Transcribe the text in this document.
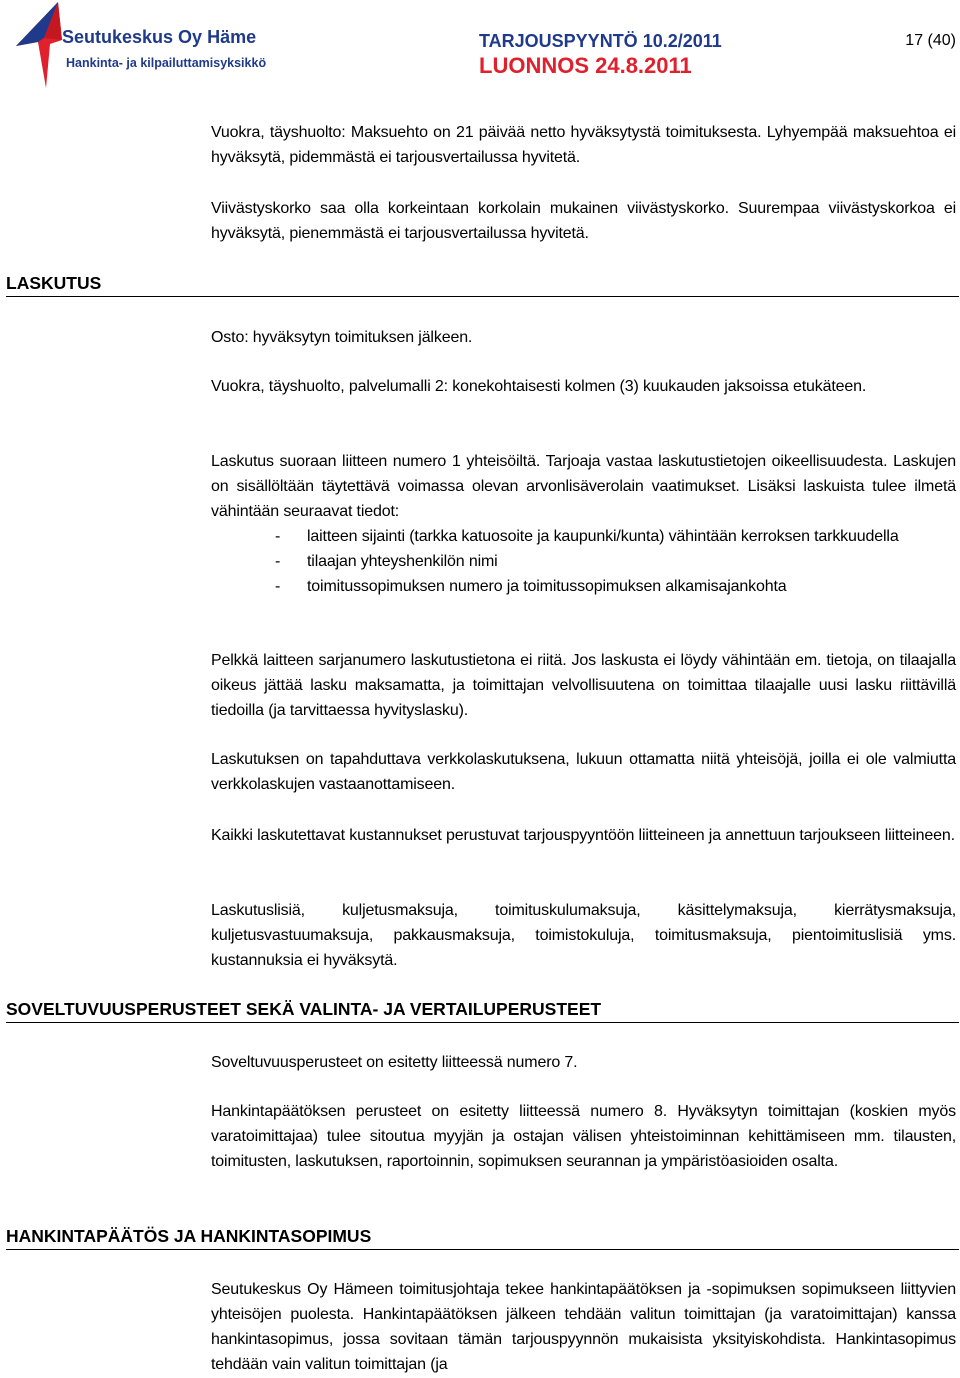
Seutukeskus Oy Häme
Hankinta- ja kilpailuttamisyksikkö
TARJOUSPYYNTÖ 10.2/2011
LUONNOS 24.8.2011
17 (40)

Vuokra, täyshuolto: Maksuehto on 21 päivää netto hyväksytystä toimituksesta. Lyhyempää maksuehtoa ei hyväksytä, pidemmästä ei tarjousvertailussa hyvitetä.

Viivästyskorko saa olla korkeintaan korkolain mukainen viivästyskorko. Suurempaa viivästyskorkoa ei hyväksytä, pienemmästä ei tarjousvertailussa hyvitetä.

LASKUTUS

Osto: hyväksytyn toimituksen jälkeen.

Vuokra, täyshuolto, palvelumalli 2: konekohtaisesti kolmen (3) kuukauden jaksoissa etukäteen.

Laskutus suoraan liitteen numero 1 yhteisöiltä. Tarjoaja vastaa laskutustietojen oikeellisuudesta. Laskujen on sisällöltään täytettävä voimassa olevan arvonlisäverolain vaatimukset. Lisäksi laskuista tulee ilmetä vähintään seuraavat tiedot:
- laitteen sijainti (tarkka katuosoite ja kaupunki/kunta) vähintään kerroksen tarkkuudella
- tilaajan yhteyshenkilön nimi
- toimitussopimuksen numero ja toimitussopimuksen alkamisajankohta

Pelkkä laitteen sarjanumero laskutustietona ei riitä. Jos laskusta ei löydy vähintään em. tietoja, on tilaajalla oikeus jättää lasku maksamatta, ja toimittajan velvollisuutena on toimittaa tilaajalle uusi lasku riittävillä tiedoilla (ja tarvittaessa hyvityslasku).

Laskutuksen on tapahduttava verkkolaskutuksena, lukuun ottamatta niitä yhteisöjä, joilla ei ole valmiutta verkkolaskujen vastaanottamiseen.

Kaikki laskutettavat kustannukset perustuvat tarjouspyyntöön liitteineen ja annettuun tarjoukseen liitteineen.

Laskutuslisiä, kuljetusmaksuja, toimituskulumaksuja, käsittelymaksuja, kierrätysmaksuja, kuljetusvastuumaksuja, pakkausmaksuja, toimistokuluja, toimitusmaksuja, pientoimituslisiä yms. kustannuksia ei hyväksytä.

SOVELTUVUUSPERUSTEET SEKÄ VALINTA- JA VERTAILUPERUSTEET

Soveltuvuusperusteet on esitetty liitteessä numero 7.

Hankintapäätöksen perusteet on esitetty liitteessä numero 8. Hyväksytyn toimittajan (koskien myös varatoimittajaa) tulee sitoutua myyjän ja ostajan välisen yhteistoiminnan kehittämiseen mm. tilausten, toimitusten, laskutuksen, raportoinnin, sopimuksen seurannan ja ympäristöasioiden osalta.

HANKINTAPÄÄTÖS JA HANKINTASOPIMUS

Seutukeskus Oy Hämeen toimitusjohtaja tekee hankintapäätöksen ja -sopimuksen sopimukseen liittyvien yhteisöjen puolesta. Hankintapäätöksen jälkeen tehdään valitun toimittajan (ja varatoimittajan) kanssa hankintasopimus, jossa sovitaan tämän tarjouspyynnön mukaisista yksityiskohdista. Hankintasopimus tehdään vain valitun toimittajan (ja
